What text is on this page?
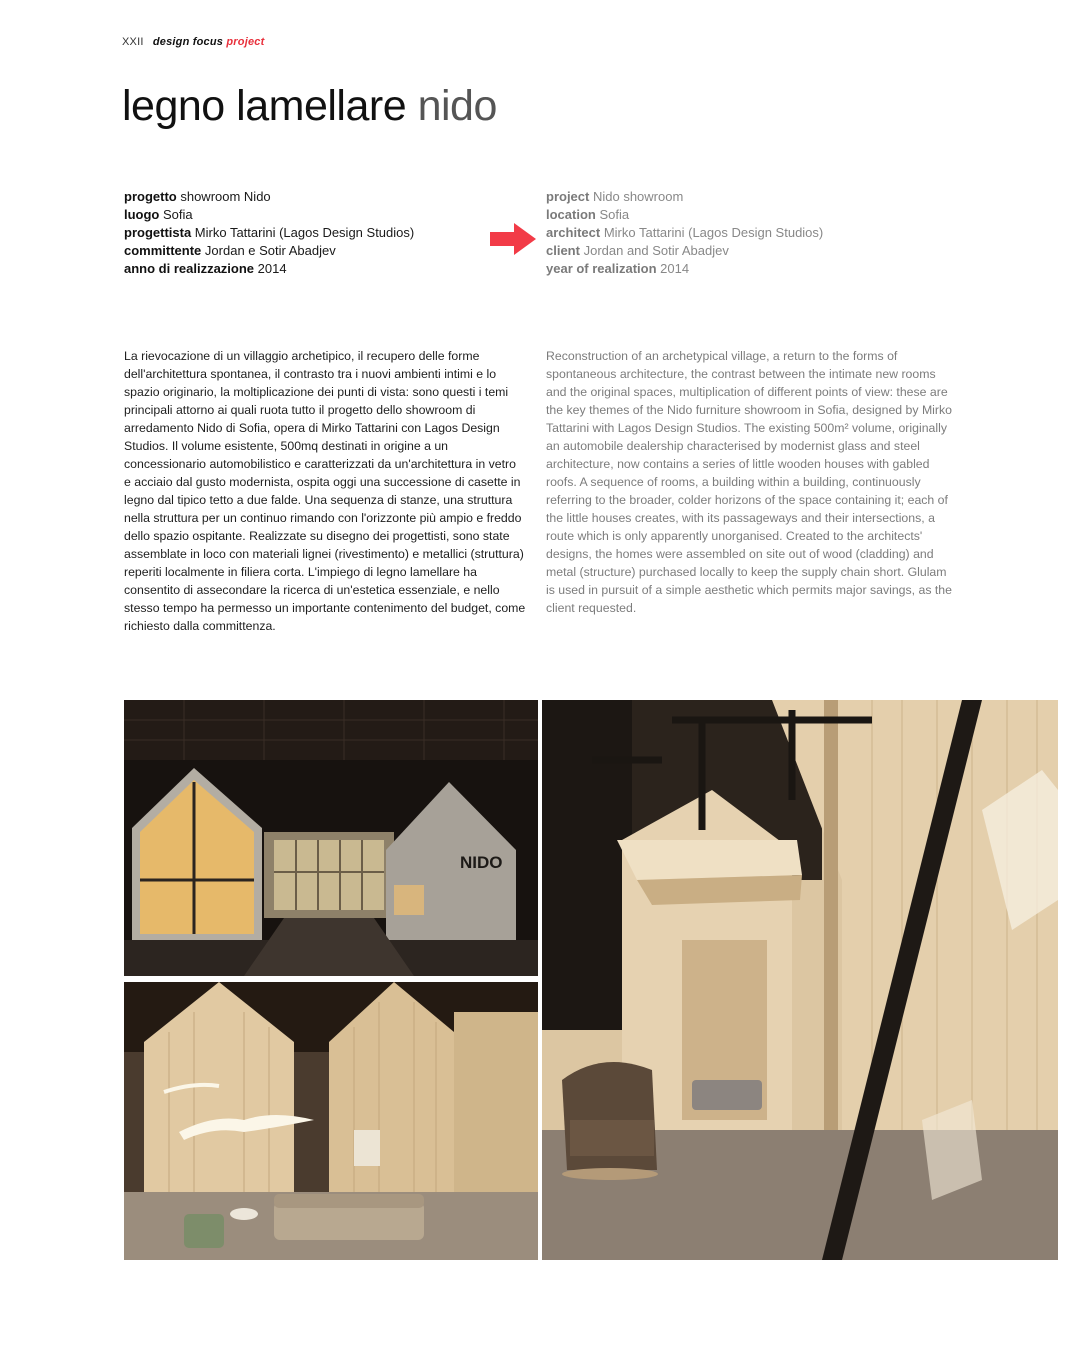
XXII design focus project
legno lamellare nido
progetto showroom Nido
luogo Sofia
progettista Mirko Tattarini (Lagos Design Studios)
committente Jordan e Sotir Abadjev
anno di realizzazione 2014
project Nido showroom
location Sofia
architect Mirko Tattarini (Lagos Design Studios)
client Jordan and Sotir Abadjev
year of realization 2014

La rievocazione di un villaggio archetipico, il recupero delle forme dell'architettura spontanea, il contrasto tra i nuovi ambienti intimi e lo spazio originario, la moltiplicazione dei punti di vista: sono questi i temi principali attorno ai quali ruota tutto il progetto dello showroom di arredamento Nido di Sofia, opera di Mirko Tattarini con Lagos Design Studios. Il volume esistente, 500mq destinati in origine a un concessionario automobilistico e caratterizzati da un'architettura in vetro e acciaio dal gusto modernista, ospita oggi una successione di casette in legno dal tipico tetto a due falde. Una sequenza di stanze, una struttura nella struttura per un continuo rimando con l'orizzonte più ampio e freddo dello spazio ospitante. Realizzate su disegno dei progettisti, sono state assemblate in loco con materiali lignei (rivestimento) e metallici (struttura) reperiti localmente in filiera corta. L'impiego di legno lamellare ha consentito di assecondare la ricerca di un'estetica essenziale, e nello stesso tempo ha permesso un importante contenimento del budget, come richiesto dalla committenza.

Reconstruction of an archetypical village, a return to the forms of spontaneous architecture, the contrast between the intimate new rooms and the original spaces, multiplication of different points of view: these are the key themes of the Nido furniture showroom in Sofia, designed by Mirko Tattarini with Lagos Design Studios. The existing 500m² volume, originally an automobile dealership characterised by modernist glass and steel architecture, now contains a series of little wooden houses with gabled roofs. A sequence of rooms, a building within a building, continuously referring to the broader, colder horizons of the space containing it; each of the little houses creates, with its passageways and their intersections, a route which is only apparently unorganised. Created to the architects' designs, the homes were assembled on site out of wood (cladding) and metal (structure) purchased locally to keep the supply chain short. Glulam is used in pursuit of a simple aesthetic which permits major savings, as the client requested.

NIDO
